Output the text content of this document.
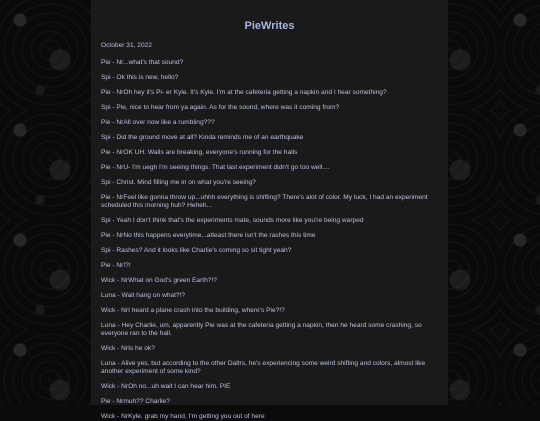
PieWrites
October 31, 2022
Pie - Nr...what's that sound?
Spi - Ok this is new, hello?
Pie - NrOh hey it's Pi- er Kyle. It's Kyle. I'm at the cafeteria getting a napkin and I hear something?
Spi - Pie, nice to hear from ya again. As for the sound, where was it coming from?
Pie - NrAll over now like a rumbling???
Spi - Did the ground move at all? Kinda reminds me of an earthquake
Pie - NrOK UH. Walls are breaking, everyone's running for the halls
Pie - NrU- I'm uegh I'm seeing things. That last experiment didn't go too well....
Spi - Christ. Mind filling me in on what you're seeing?
Pie - NrFeel like gonna throw up...uhhh everything is shifting? There's alot of color. My luck, I had an experiment scheduled this morning huh? Heheh...
Spi - Yeah I don't think that's the experiments mate, sounds more like you're being warped
Pie - NrNo this happens everytime...atleast there isn't the rashes this time
Spi - Rashes? And it looks like Charlie's coming so sit tight yeah?
Pie - Nr!?!
Wick - NrWhat on God's green Earth?!?
Luna - Wait hang on what?!?
Wick - NrI heard a plane crash into the building, where's Pie?!?
Luna - Hey Charlie, um, apparently Pie was at the cafeteria getting a napkin, then he heard some crashing, so everyone ran to the hall.
Wick - NrIs he ok?
Luna - Alive yes, but according to the other Daltrs, he's experiencing some weird shifting and colors, almost like another experiment of some kind?
Wick - NrOh no...uh wait I can hear him. PIE
Pie - Nrmuh?? Charlie?
Wick - NrKyle, grab my hand, I'm getting you out of here
